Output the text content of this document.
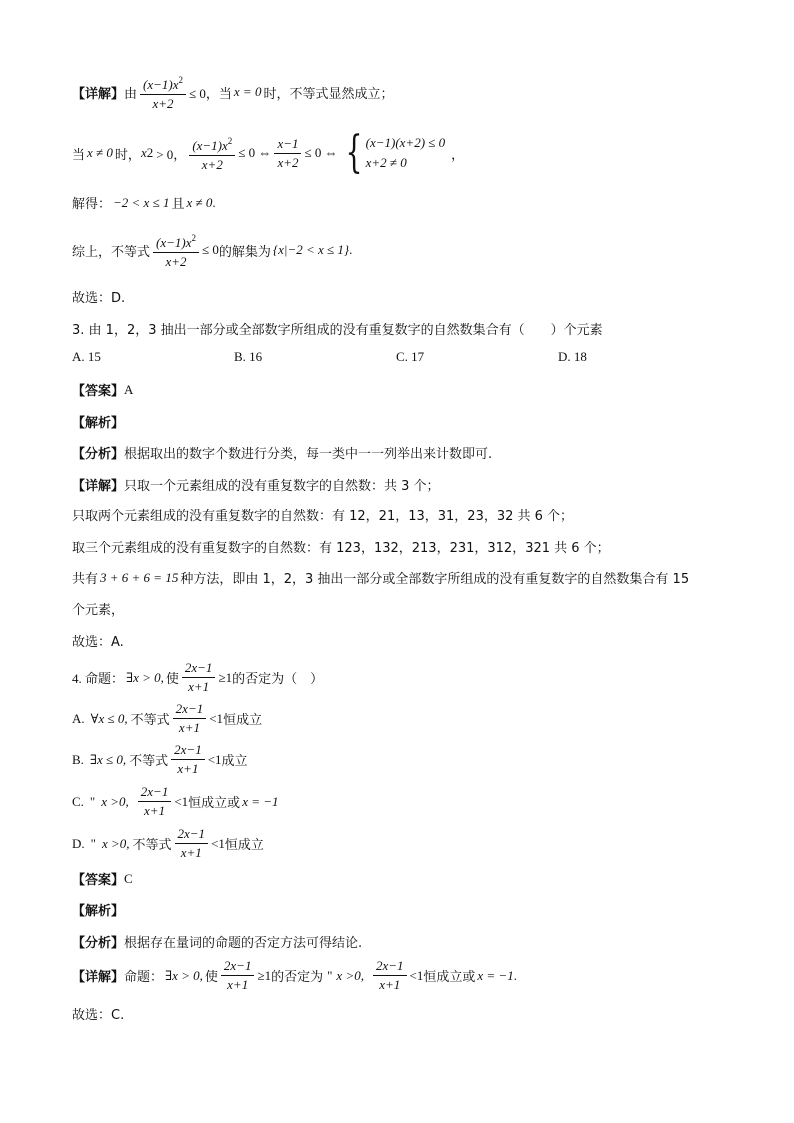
【详解】 由 $\frac{(x-1)x^2}{x+2} \le 0$，当 x = 0 时，不等式显然成立；
当 x ≠ 0 时， x 2 > 0， $\frac{(x-1)x^2}{x+2} \le 0$ ⇔ $\frac{x-1}{x+2} \le 0$ ⇔ { (x−1)(x+2) ≤ 0
x+2 ≠ 0	，
解得： −2 < x ≤ 1 且 x ≠ 0 .
综上，不等式 $\frac{(x-1)x^2}{x+2} \le 0$ 的解集为 {x|−2 < x ≤ 1} .
故选：D.
3. 由 1，2，3 抽出一部分或全部数字所组成的没有重复数字的自然数集合有（　　）个元素
A. 15	B. 16	C. 17	D. 18
【答案】 A
【解析】
【分析】 根据取出的数字个数进行分类，每一类中一一列举出来计数即可.
【详解】 只取一个元素组成的没有重复数字的自然数：共 3 个；
只取两个元素组成的没有重复数字的自然数：有 12，21，13，31，23，32 共 6 个；
取三个元素组成的没有重复数字的自然数：有 123，132，213，231，312，321 共 6 个；
共有 3 + 6 + 6 = 15 种方法，即由 1，2，3 抽出一部分或全部数字所组成的没有重复数字的自然数集合有 15
个元素，
故选：A.
4. 命题： ∃x > 0, 使 $\frac{2x-1}{x+1} \ge 1$ 的否定为（　）
A. ∀x ≤ 0, 不等式 $\frac{2x-1}{x+1} <1$ 恒成立
B. ∃x ≤ 0, 不等式 $\frac{2x-1}{x+1} <1$ 成立
C. " x >0, $\frac{2x-1}{x+1} <1$ 恒成立或 x = −1
D. " x >0, 不等式 $\frac{2x-1}{x+1} <1$ 恒成立
【答案】 C
【解析】
【分析】 根据存在量词的命题的否定方法可得结论.
【详解】 命题： ∃x > 0, 使 $\frac{2x-1}{x+1} \ge 1$ 的否定为 " x >0, $\frac{2x-1}{x+1} <1$ 恒成立或 x = −1 .
故选：C.
